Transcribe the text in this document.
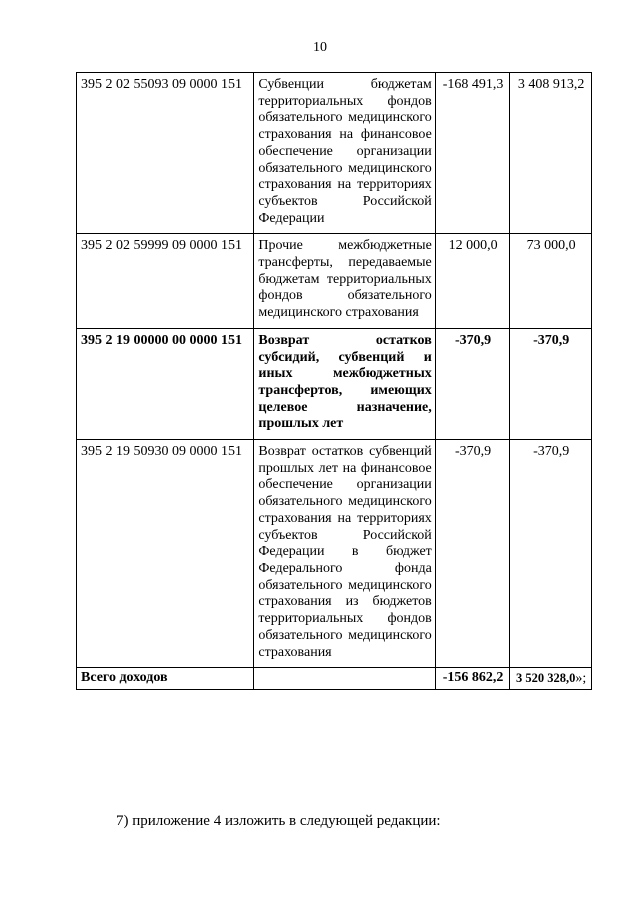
10
395 2 02 55093 09 0000 151	Субвенции бюджетам территориальных фондов обязательного медицинского страхования на финансовое обеспечение организации обязательного медицинского страхования на территориях субъектов Российской Федерации	-168 491,3	3 408 913,2
395 2 02 59999 09 0000 151	Прочие межбюджетные трансферты, передаваемые бюджетам территориальных фондов обязательного медицинского страхования	12 000,0	73 000,0
395 2 19 00000 00 0000 151	Возврат остатков субсидий, субвенций и иных межбюджетных трансфертов, имеющих целевое назначение, прошлых лет	-370,9	-370,9
395 2 19 50930 09 0000 151	Возврат остатков субвенций прошлых лет на финансовое обеспечение организации обязательного медицинского страхования на территориях субъектов Российской Федерации в бюджет Федерального фонда обязательного медицинского страхования из бюджетов территориальных фондов обязательного медицинского страхования	-370,9	-370,9
Всего доходов		-156 862,2	3 520 328,0»;
7) приложение 4 изложить в следующей редакции:
